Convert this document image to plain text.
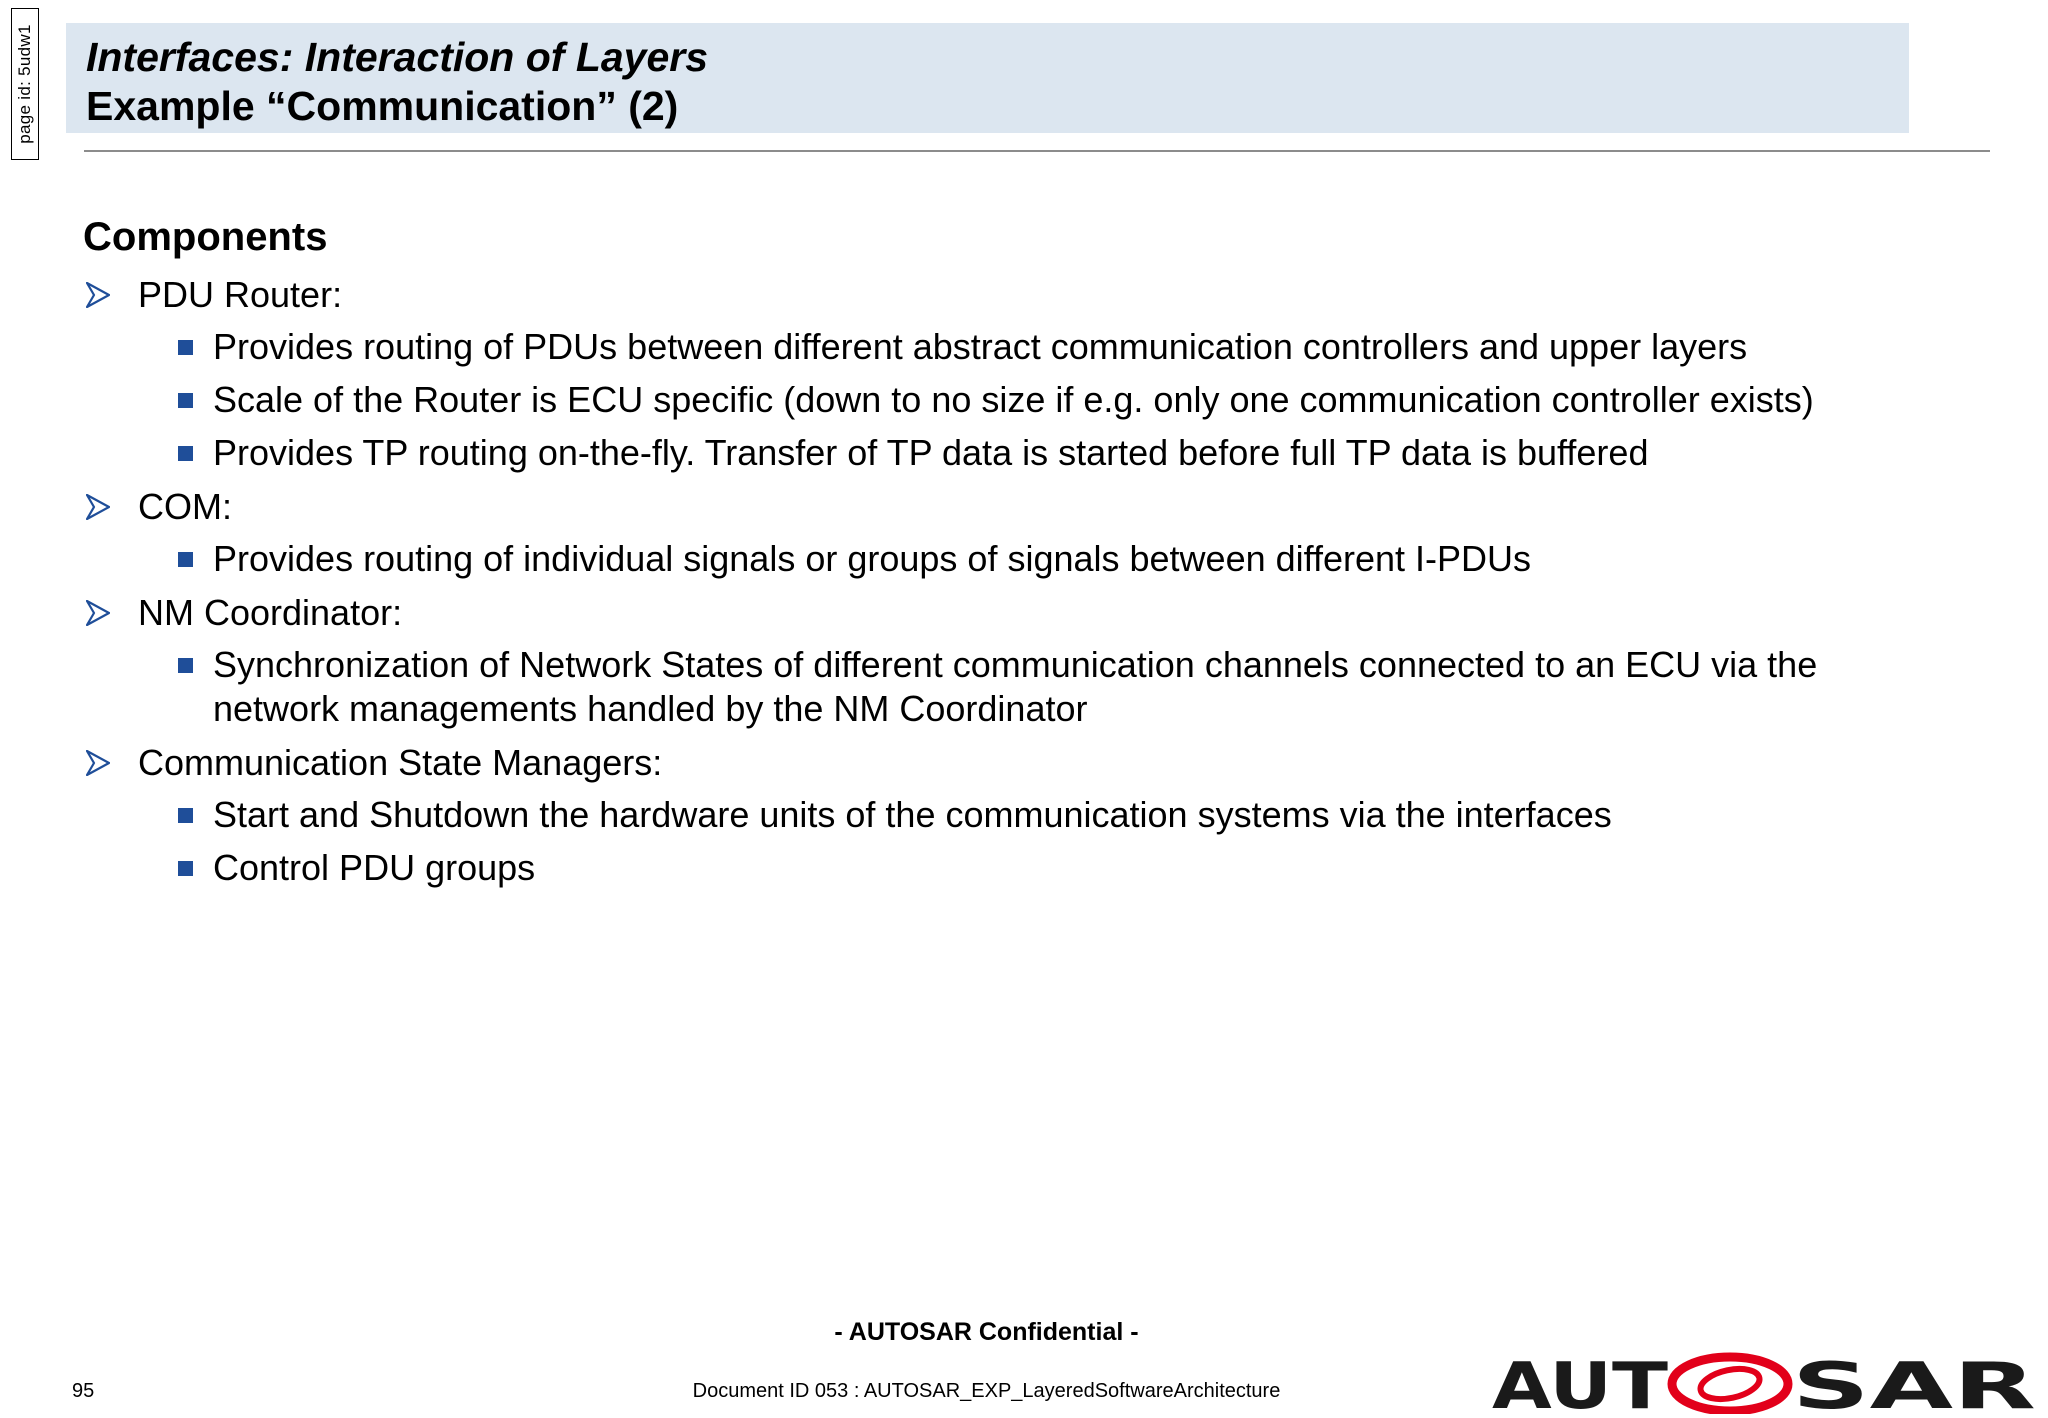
page id: 5udw1 Interfaces: Interaction of Layers
Example “Communication” (2)
Components
PDU Router:
Provides routing of PDUs between different abstract communication controllers and upper layers
Scale of the Router is ECU specific (down to no size if e.g. only one communication controller exists)
Provides TP routing on-the-fly. Transfer of TP data is started before full TP data is buffered
COM:
Provides routing of individual signals or groups of signals between different I-PDUs
NM Coordinator:
Synchronization of Network States of different communication channels connected to an ECU via the
network managements handled by the NM Coordinator
Communication State Managers:
Start and Shutdown the hardware units of the communication systems via the interfaces
Control PDU groups
- AUTOSAR Confidential -
95	Document ID 053 : AUTOSAR_EXP_LayeredSoftwareArchitecture	AU T SAR
